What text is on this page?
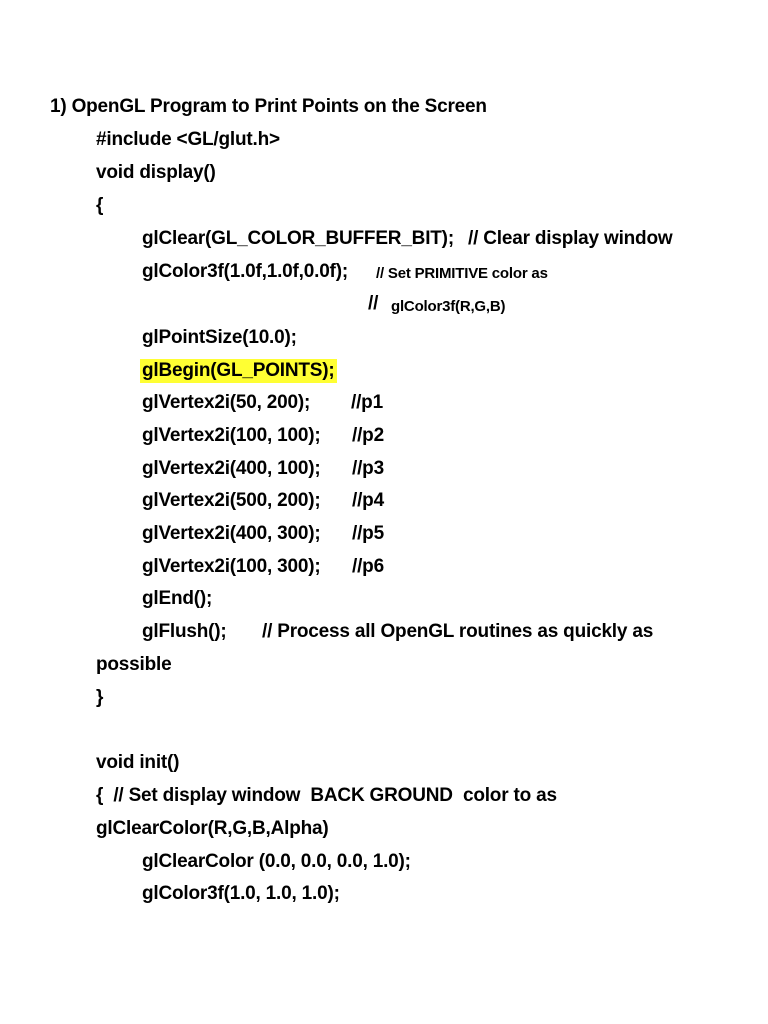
1) OpenGL Program to Print Points on the Screen
#include <GL/glut.h>
void display()
{
glClear(GL_COLOR_BUFFER_BIT); // Clear display window
glColor3f(1.0f,1.0f,0.0f); // Set PRIMITIVE color as
// glColor3f(R,G,B)
glPointSize(10.0);
glBegin(GL_POINTS);
glVertex2i(50, 200); //p1
glVertex2i(100, 100); //p2
glVertex2i(400, 100); //p3
glVertex2i(500, 200); //p4
glVertex2i(400, 300); //p5
glVertex2i(100, 300); //p6
glEnd();
glFlush(); // Process all OpenGL routines as quickly as
possible
}
void init()
{  // Set display window  BACK GROUND  color to as
glClearColor(R,G,B,Alpha)
glClearColor (0.0, 0.0, 0.0, 1.0);
glColor3f(1.0, 1.0, 1.0);
